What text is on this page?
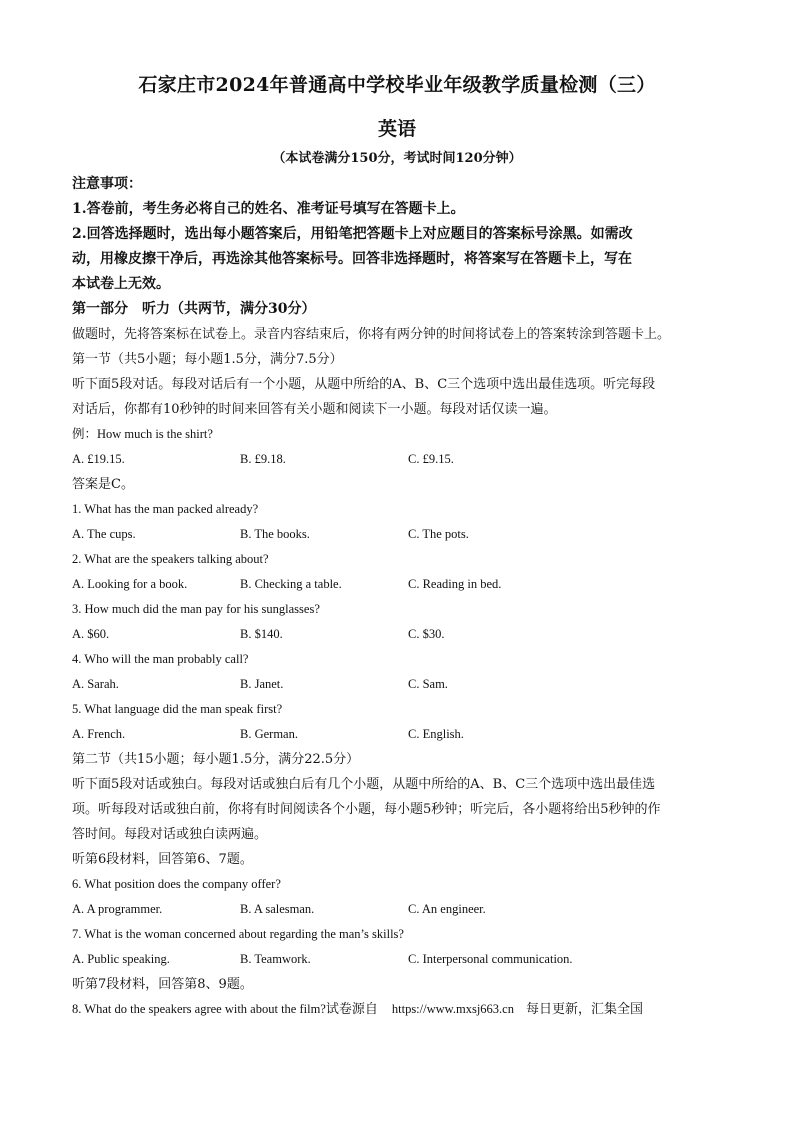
石家庄市2024年普通高中学校毕业年级教学质量检测（三）
英语
（本试卷满分150分，考试时间120分钟）
注意事项：
1.答卷前，考生务必将自己的姓名、准考证号填写在答题卡上。
2.回答选择题时，选出每小题答案后，用铅笔把答题卡上对应题目的答案标号涂黑。如需改
动，用橡皮擦干净后，再选涂其他答案标号。回答非选择题时，将答案写在答题卡上，写在
本试卷上无效。
第一部分 听力（共两节，满分30分）
做题时，先将答案标在试卷上。录音内容结束后，你将有两分钟的时间将试卷上的答案转涂到答题卡上。
第一节（共5小题；每小题1.5分，满分7.5分）
听下面5段对话。每段对话后有一个小题，从题中所给的A、B、C三个选项中选出最佳选项。听完每段
对话后，你都有10秒钟的时间来回答有关小题和阅读下一小题。每段对话仅读一遍。
例：How much is the shirt?
A. £19.15.	B. £9.18.	C. £9.15.
答案是C。
1. What has the man packed already?
A. The cups.	B. The books.	C. The pots.
2. What are the speakers talking about?
A. Looking for a book.	B. Checking a table.	C. Reading in bed.
3. How much did the man pay for his sunglasses?
A. $60.	B. $140.	C. $30.
4. Who will the man probably call?
A. Sarah.	B. Janet.	C. Sam.
5. What language did the man speak first?
A. French.	B. German.	C. English.
第二节（共15小题；每小题1.5分，满分22.5分）
听下面5段对话或独白。每段对话或独白后有几个小题，从题中所给的A、B、C三个选项中选出最佳选
项。听每段对话或独白前，你将有时间阅读各个小题，每小题5秒钟；听完后，各小题将给出5秒钟的作
答时间。每段对话或独白读两遍。
听第6段材料，回答第6、7题。
6. What position does the company offer?
A. A programmer.	B. A salesman.	C. An engineer.
7. What is the woman concerned about regarding the man’s skills?
A. Public speaking.	B. Teamwork.	C. Interpersonal communication.
听第7段材料，回答第8、9题。
8. What do the speakers agree with about the film?试卷源自 https://www.mxsj663.cn 每日更新，汇集全国
